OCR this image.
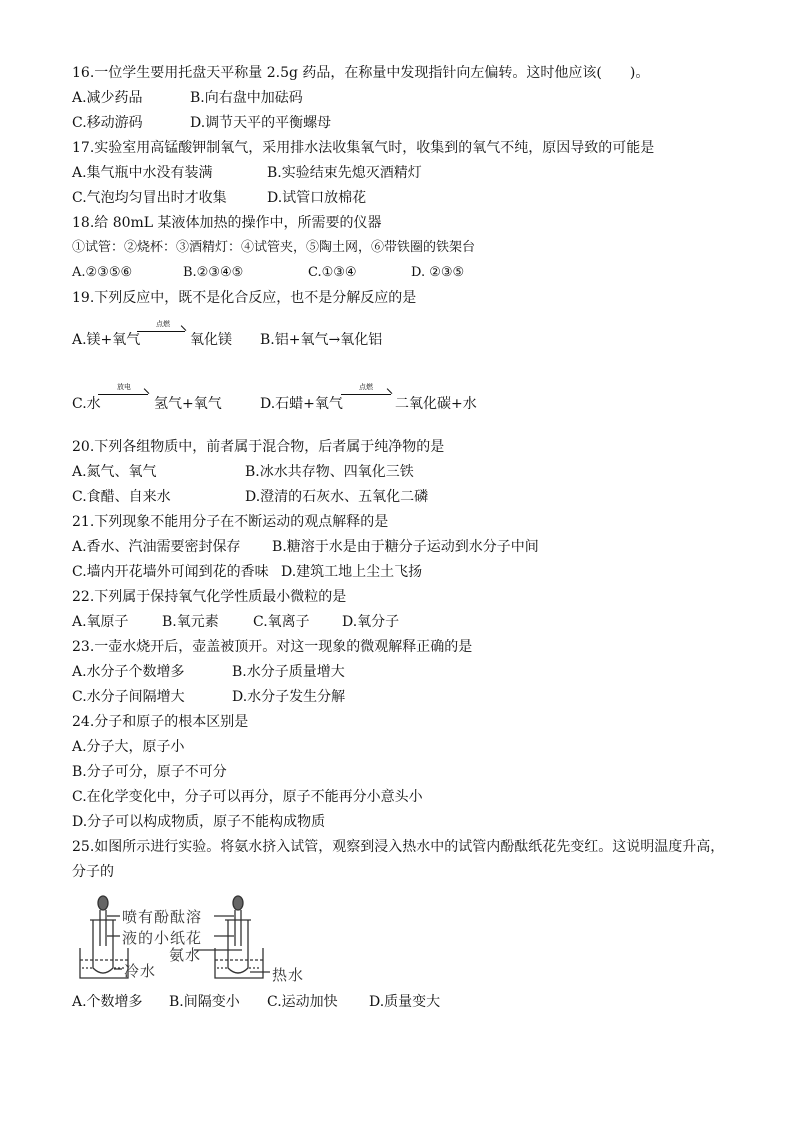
16.一位学生要用托盘天平称量 2.5g 药品，在称量中发现指针向左偏转。这时他应该(　　)。
A.减少药品	B.向右盘中加砝码
C.移动游码	D.调节天平的平衡螺母
17.实验室用高锰酸钾制氧气，采用排水法收集氧气时，收集到的氧气不纯，原因导致的可能是
A.集气瓶中水没有装满	B.实验结束先熄灭酒精灯
C.气泡均匀冒出时才收集	D.试管口放棉花
18.给 80mL 某液体加热的操作中，所需要的仪器
①试管：②烧杯：③酒精灯：④试管夹，⑤陶土网，⑥带铁圈的铁架台
A.②③⑤⑥	B.②③④⑤	C.①③④	D. ②③⑤
19.下列反应中，既不是化合反应，也不是分解反应的是
A.镁+氧气
点燃
氧化镁 B.铝+氧气→氧化铝
C.水
放电
氢气+氧气	D.石蜡+氧气
点燃
二氧化碳+水
20.下列各组物质中，前者属于混合物，后者属于纯净物的是
A.氮气、氧气	B.冰水共存物、四氧化三铁
C.食醋、自来水	D.澄清的石灰水、五氧化二磷
21.下列现象不能用分子在不断运动的观点解释的是
A.香水、汽油需要密封保存 B.糖溶于水是由于糖分子运动到水分子中间
C.墙内开花墙外可闻到花的香味 D.建筑工地上尘土飞扬
22.下列属于保持氧气化学性质最小微粒的是
A.氧原子 B.氧元素 C.氧离子 D.氧分子
23.一壶水烧开后，壶盖被顶开。对这一现象的微观解释正确的是
A.水分子个数增多	B.水分子质量增大
C.水分子间隔增大	D.水分子发生分解
24.分子和原子的根本区别是
A.分子大，原子小
B.分子可分，原子不可分
C.在化学变化中，分子可以再分，原子不能再分小意头小
D.分子可以构成物质，原子不能构成物质
25.如图所示进行实验。将氨水挤入试管，观察到浸入热水中的试管内酚酞纸花先变红。这说明温度升高，
分子的
喷有酚酞溶
液的小纸花
氨水
冷水	热水
A.个数增多 B.间隔变小 C.运动加快 D.质量变大
